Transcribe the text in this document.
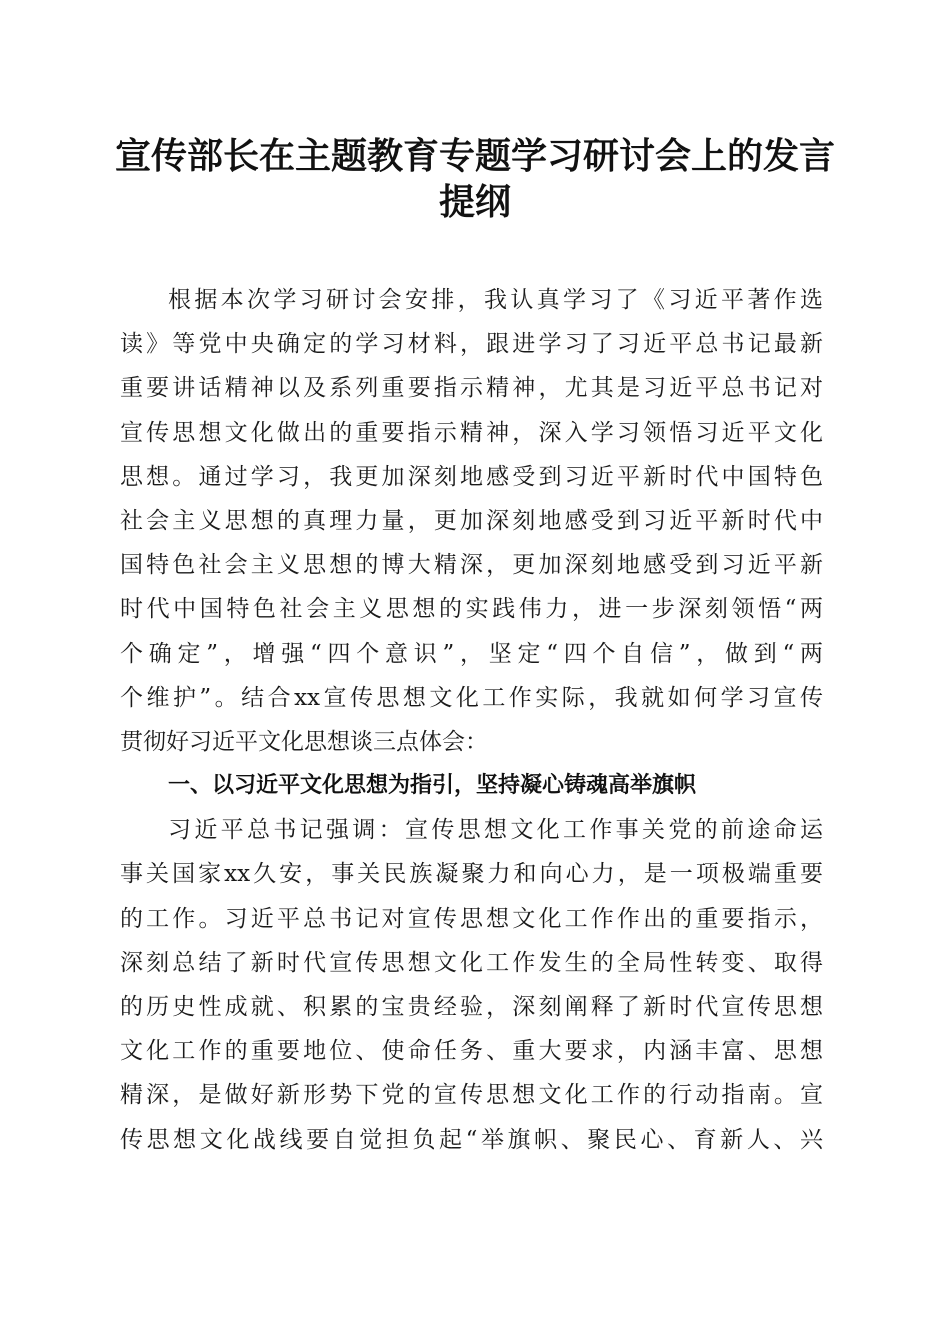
宣传部长在主题教育专题学习研讨会上的发言
提纲
根据本次学习研讨会安排，我认真学习了《习近平著作选
读》等党中央确定的学习材料，跟进学习了习近平总书记最新
重要讲话精神以及系列重要指示精神，尤其是习近平总书记对
宣传思想文化做出的重要指示精神，深入学习领悟习近平文化
思想。通过学习，我更加深刻地感受到习近平新时代中国特色
社会主义思想的真理力量，更加深刻地感受到习近平新时代中
国特色社会主义思想的博大精深，更加深刻地感受到习近平新
时代中国特色社会主义思想的实践伟力，进一步深刻领悟“两
个确定”，增强“四个意识”，坚定“四个自信”，做到“两
个维护”。结合xx宣传思想文化工作实际，我就如何学习宣传
贯彻好习近平文化思想谈三点体会：
一、以习近平文化思想为指引，坚持凝心铸魂高举旗帜
习近平总书记强调：宣传思想文化工作事关党的前途命运
事关国家xx久安，事关民族凝聚力和向心力，是一项极端重要
的工作。习近平总书记对宣传思想文化工作作出的重要指示，
深刻总结了新时代宣传思想文化工作发生的全局性转变、取得
的历史性成就、积累的宝贵经验，深刻阐释了新时代宣传思想
文化工作的重要地位、使命任务、重大要求，内涵丰富、思想
精深，是做好新形势下党的宣传思想文化工作的行动指南。宣
传思想文化战线要自觉担负起“举旗帜、聚民心、育新人、兴
